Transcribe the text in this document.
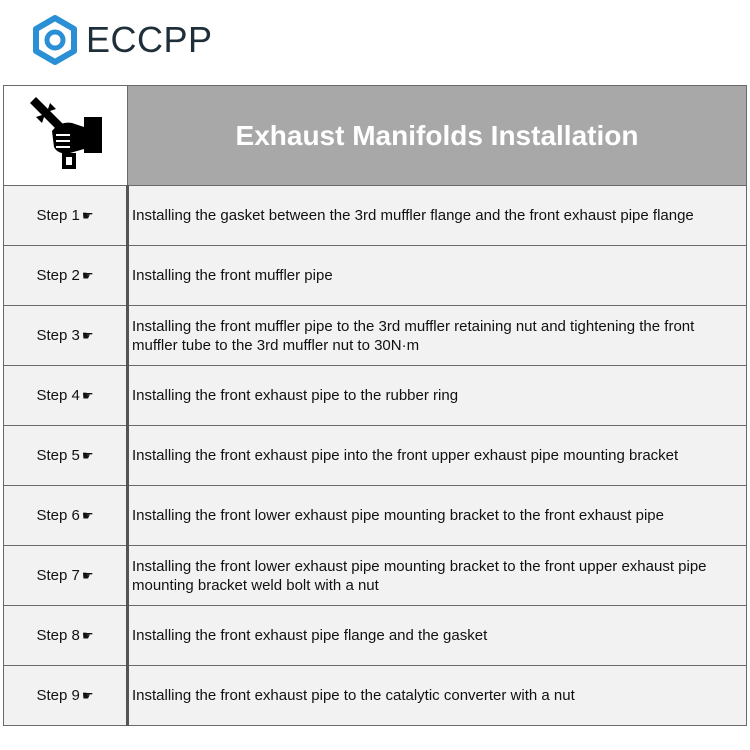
ECCPP
	Exhaust Manifolds Installation
Step 1 ☛	Installing the gasket between the 3rd muffler flange and the front exhaust pipe flange
Step 2 ☛	Installing the front muffler pipe
Step 3 ☛	Installing the front muffler pipe to the 3rd muffler retaining nut and tightening the front muffler tube to the 3rd muffler nut to 30N·m
Step 4 ☛	Installing the front exhaust pipe to the rubber ring
Step 5 ☛	Installing the front exhaust pipe into the front upper exhaust pipe mounting bracket
Step 6 ☛	Installing the front lower exhaust pipe mounting bracket to the front exhaust pipe
Step 7 ☛	Installing the front lower exhaust pipe mounting bracket to the front upper exhaust pipe mounting bracket weld bolt with a nut
Step 8 ☛	Installing the front exhaust pipe flange and the gasket
Step 9 ☛	Installing the front exhaust pipe to the catalytic converter with a nut
